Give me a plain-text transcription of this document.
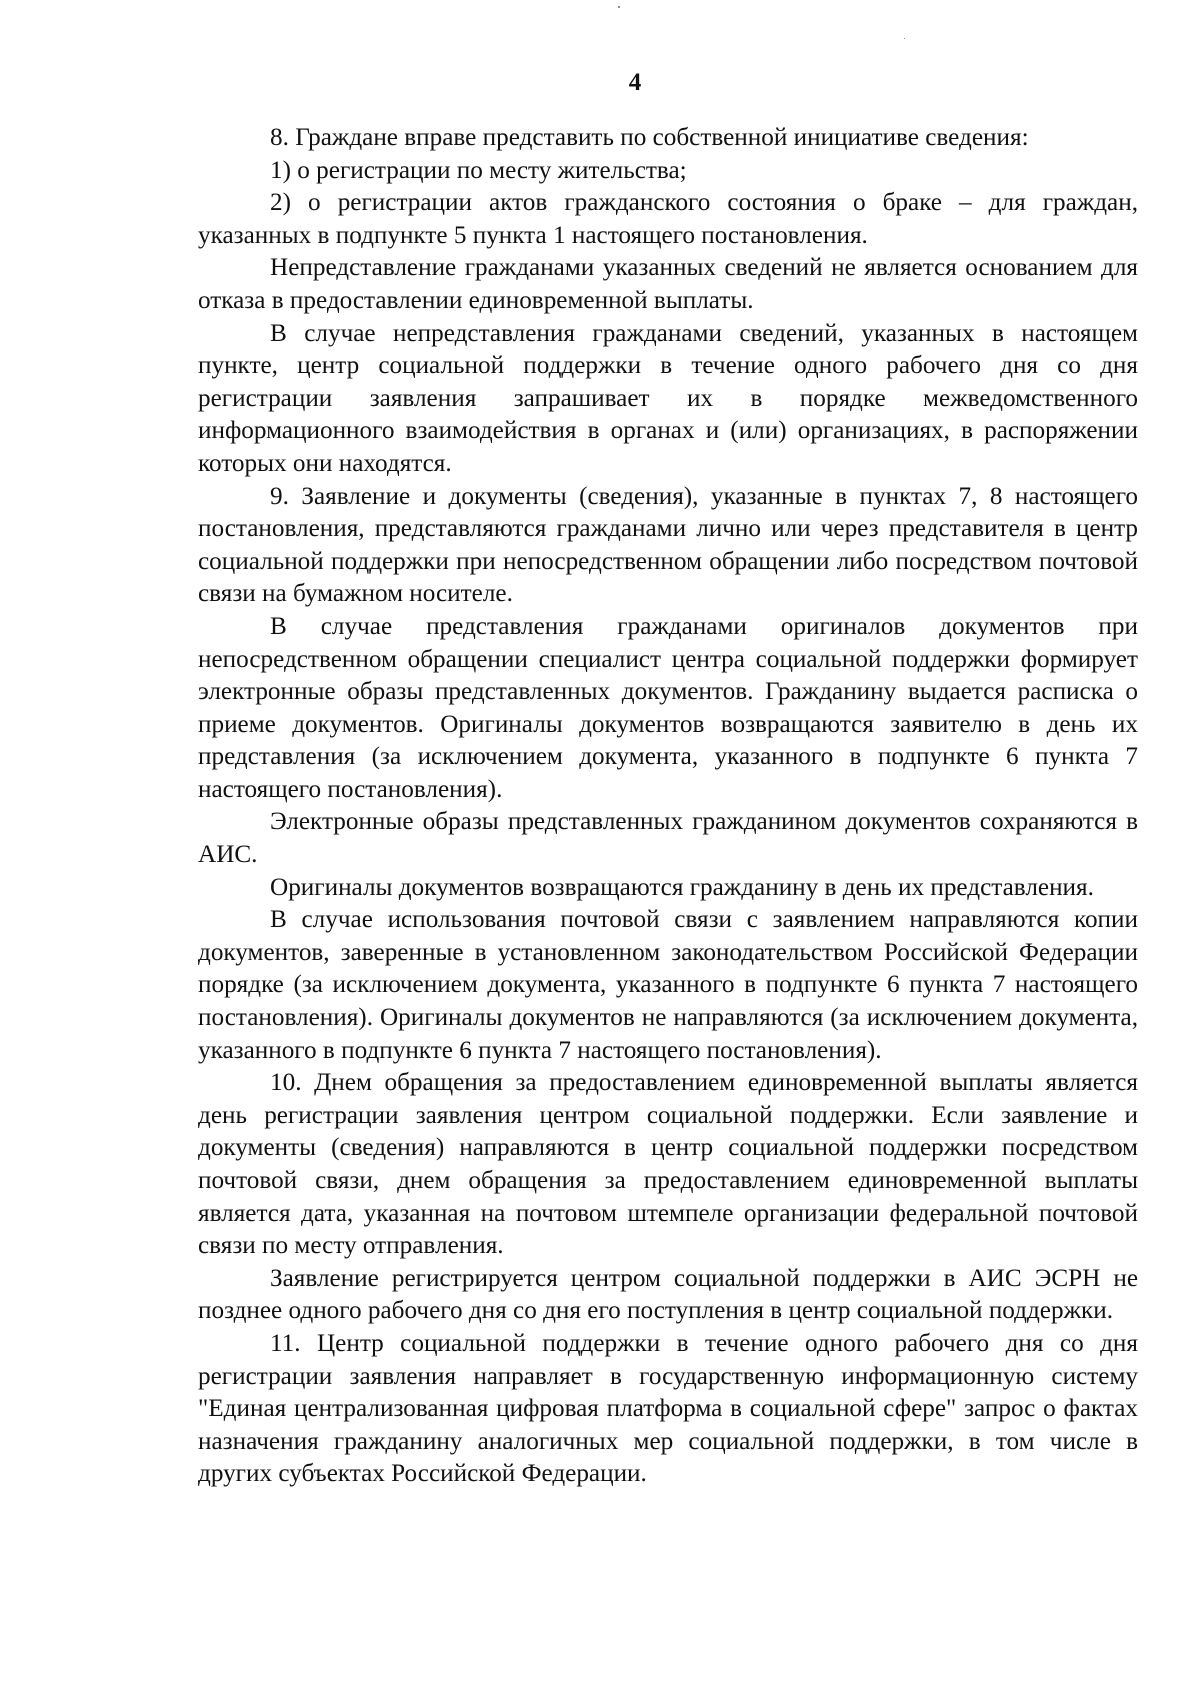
4

8. Граждане вправе представить по собственной инициативе сведения:

1) о регистрации по месту жительства;

2) о регистрации актов гражданского состояния о браке – для граждан, указанных в подпункте 5 пункта 1 настоящего постановления.

Непредставление гражданами указанных сведений не является основанием для отказа в предоставлении единовременной выплаты.

В случае непредставления гражданами сведений, указанных в настоящем пункте, центр социальной поддержки в течение одного рабочего дня со дня регистрации заявления запрашивает их в порядке межведомственного информационного взаимодействия в органах и (или) организациях, в распоряжении которых они находятся.

9. Заявление и документы (сведения), указанные в пунктах 7, 8 настоящего постановления, представляются гражданами лично или через представителя в центр социальной поддержки при непосредственном обращении либо посредством почтовой связи на бумажном носителе.

В случае представления гражданами оригиналов документов при непосредственном обращении специалист центра социальной поддержки формирует электронные образы представленных документов. Гражданину выдается расписка о приеме документов. Оригиналы документов возвращаются заявителю в день их представления (за исключением документа, указанного в подпункте 6 пункта 7 настоящего постановления).

Электронные образы представленных гражданином документов сохраняются в АИС.

Оригиналы документов возвращаются гражданину в день их представления.

В случае использования почтовой связи с заявлением направляются копии документов, заверенные в установленном законодательством Российской Федерации порядке (за исключением документа, указанного в подпункте 6 пункта 7 настоящего постановления). Оригиналы документов не направляются (за исключением документа, указанного в подпункте 6 пункта 7 настоящего постановления).

10. Днем обращения за предоставлением единовременной выплаты является день регистрации заявления центром социальной поддержки. Если заявление и документы (сведения) направляются в центр социальной поддержки посредством почтовой связи, днем обращения за предоставлением единовременной выплаты является дата, указанная на почтовом штемпеле организации федеральной почтовой связи по месту отправления.

Заявление регистрируется центром социальной поддержки в АИС ЭСРН не позднее одного рабочего дня со дня его поступления в центр социальной поддержки.

11. Центр социальной поддержки в течение одного рабочего дня со дня регистрации заявления направляет в государственную информационную систему "Единая централизованная цифровая платформа в социальной сфере" запрос о фактах назначения гражданину аналогичных мер социальной поддержки, в том числе в других субъектах Российской Федерации.
